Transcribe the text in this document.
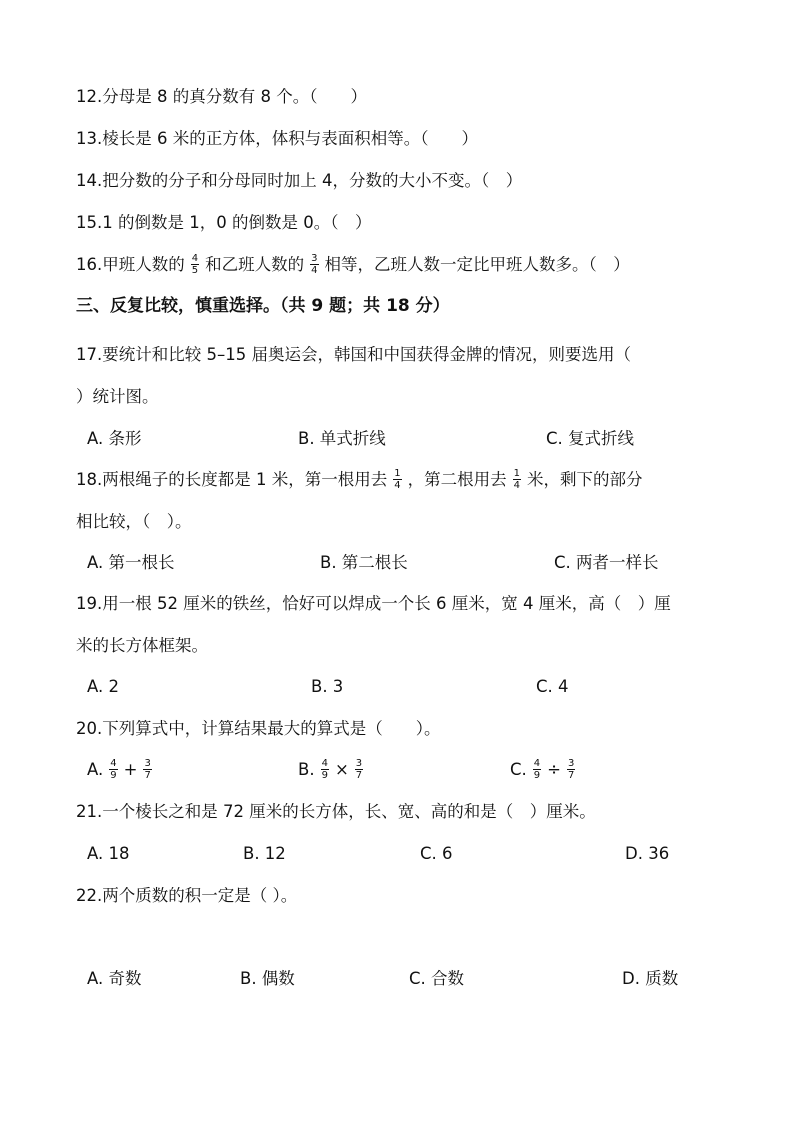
12.分母是 8 的真分数有 8 个。（　　）
13.棱长是 6 米的正方体，体积与表面积相等。（　　）
14.把分数的分子和分母同时加上 4，分数的大小不变。（　）
15.1 的倒数是 1，0 的倒数是 0。（　）
16.甲班人数的 $\frac{4}{5}$ 和乙班人数的 $\frac{3}{4}$ 相等，乙班人数一定比甲班人数多。（　）
三、反复比较，慎重选择。（共 9 题；共 18 分）
17.要统计和比较 5–15 届奥运会，韩国和中国获得金牌的情况，则要选用（
）统计图。
A. 条形	B. 单式折线	C. 复式折线
18.两根绳子的长度都是 1 米，第一根用去 $\frac{1}{4}$ ，第二根用去 $\frac{1}{4}$ 米，剩下的部分
相比较，（　）。
A. 第一根长	B. 第二根长	C. 两者一样长
19.用一根 52 厘米的铁丝，恰好可以焊成一个长 6 厘米，宽 4 厘米，高（　）厘
米的长方体框架。
A. 2	B. 3	C. 4
20.下列算式中，计算结果最大的算式是（　　）。
A. $\frac{4}{9} + \frac{3}{7}$	B. $\frac{4}{9} \times \frac{3}{7}$	C. $\frac{4}{9} \div \frac{3}{7}$
21.一个棱长之和是 72 厘米的长方体，长、宽、高的和是（　）厘米。
A. 18	B. 12	C. 6	D. 36
22.两个质数的积一定是（ ）。
A. 奇数	B. 偶数	C. 合数	D. 质数
